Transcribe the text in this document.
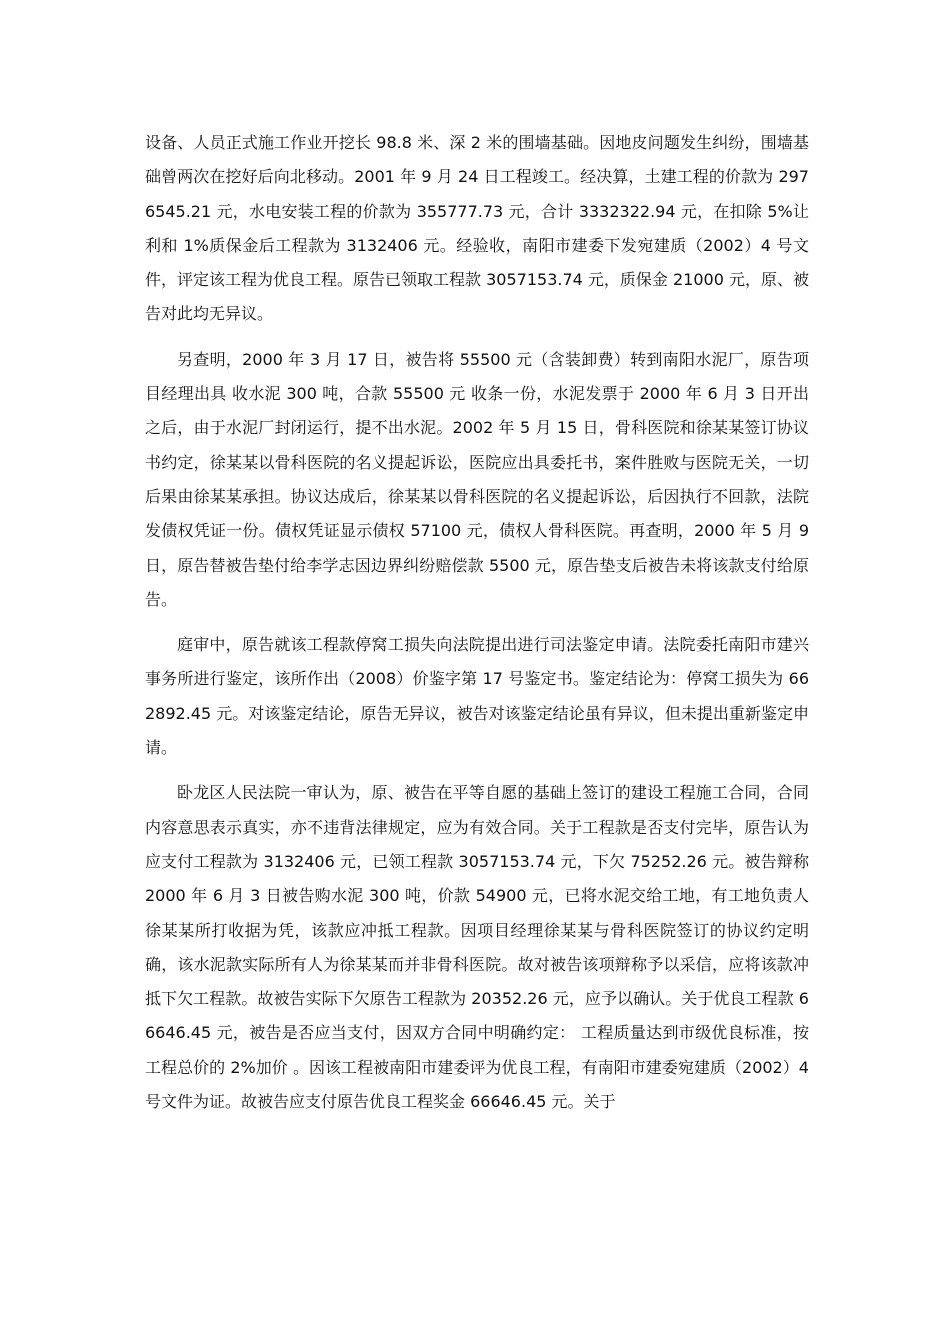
设备、人员正式施工作业开挖长 98.8 米、深 2 米的围墙基础。因地皮问题发生纠纷，围墙基础曾两次在挖好后向北移动。2001 年 9 月 24 日工程竣工。经决算，土建工程的价款为 2976545.21 元，水电安装工程的价款为 355777.73 元，合计 3332322.94 元，在扣除 5%让利和 1%质保金后工程款为 3132406 元。经验收，南阳市建委下发宛建质（2002）4 号文件，评定该工程为优良工程。原告已领取工程款 3057153.74 元，质保金 21000 元，原、被告对此均无异议。

另查明，2000 年 3 月 17 日，被告将 55500 元（含装卸费）转到南阳水泥厂，原告项目经理出具 收水泥 300 吨，合款 55500 元 收条一份，水泥发票于 2000 年 6 月 3 日开出之后，由于水泥厂封闭运行，提不出水泥。2002 年 5 月 15 日，骨科医院和徐某某签订协议书约定，徐某某以骨科医院的名义提起诉讼，医院应出具委托书，案件胜败与医院无关，一切后果由徐某某承担。协议达成后，徐某某以骨科医院的名义提起诉讼，后因执行不回款，法院发债权凭证一份。债权凭证显示债权 57100 元，债权人骨科医院。再查明，2000 年 5 月 9 日，原告替被告垫付给李学志因边界纠纷赔偿款 5500 元，原告垫支后被告未将该款支付给原告。

庭审中，原告就该工程款停窝工损失向法院提出进行司法鉴定申请。法院委托南阳市建兴事务所进行鉴定，该所作出（2008）价鉴字第 17 号鉴定书。鉴定结论为：停窝工损失为 662892.45 元。对该鉴定结论，原告无异议，被告对该鉴定结论虽有异议，但未提出重新鉴定申请。

卧龙区人民法院一审认为，原、被告在平等自愿的基础上签订的建设工程施工合同，合同内容意思表示真实，亦不违背法律规定，应为有效合同。关于工程款是否支付完毕，原告认为应支付工程款为 3132406 元，已领工程款 3057153.74 元，下欠 75252.26 元。被告辩称 2000 年 6 月 3 日被告购水泥 300 吨，价款 54900 元，已将水泥交给工地，有工地负责人徐某某所打收据为凭，该款应冲抵工程款。因项目经理徐某某与骨科医院签订的协议约定明确，该水泥款实际所有人为徐某某而并非骨科医院。故对被告该项辩称予以采信，应将该款冲抵下欠工程款。故被告实际下欠原告工程款为 20352.26 元，应予以确认。关于优良工程款 66646.45 元，被告是否应当支付，因双方合同中明确约定： 工程质量达到市级优良标准，按工程总价的 2%加价 。因该工程被南阳市建委评为优良工程，有南阳市建委宛建质（2002）4 号文件为证。故被告应支付原告优良工程奖金 66646.45 元。关于
